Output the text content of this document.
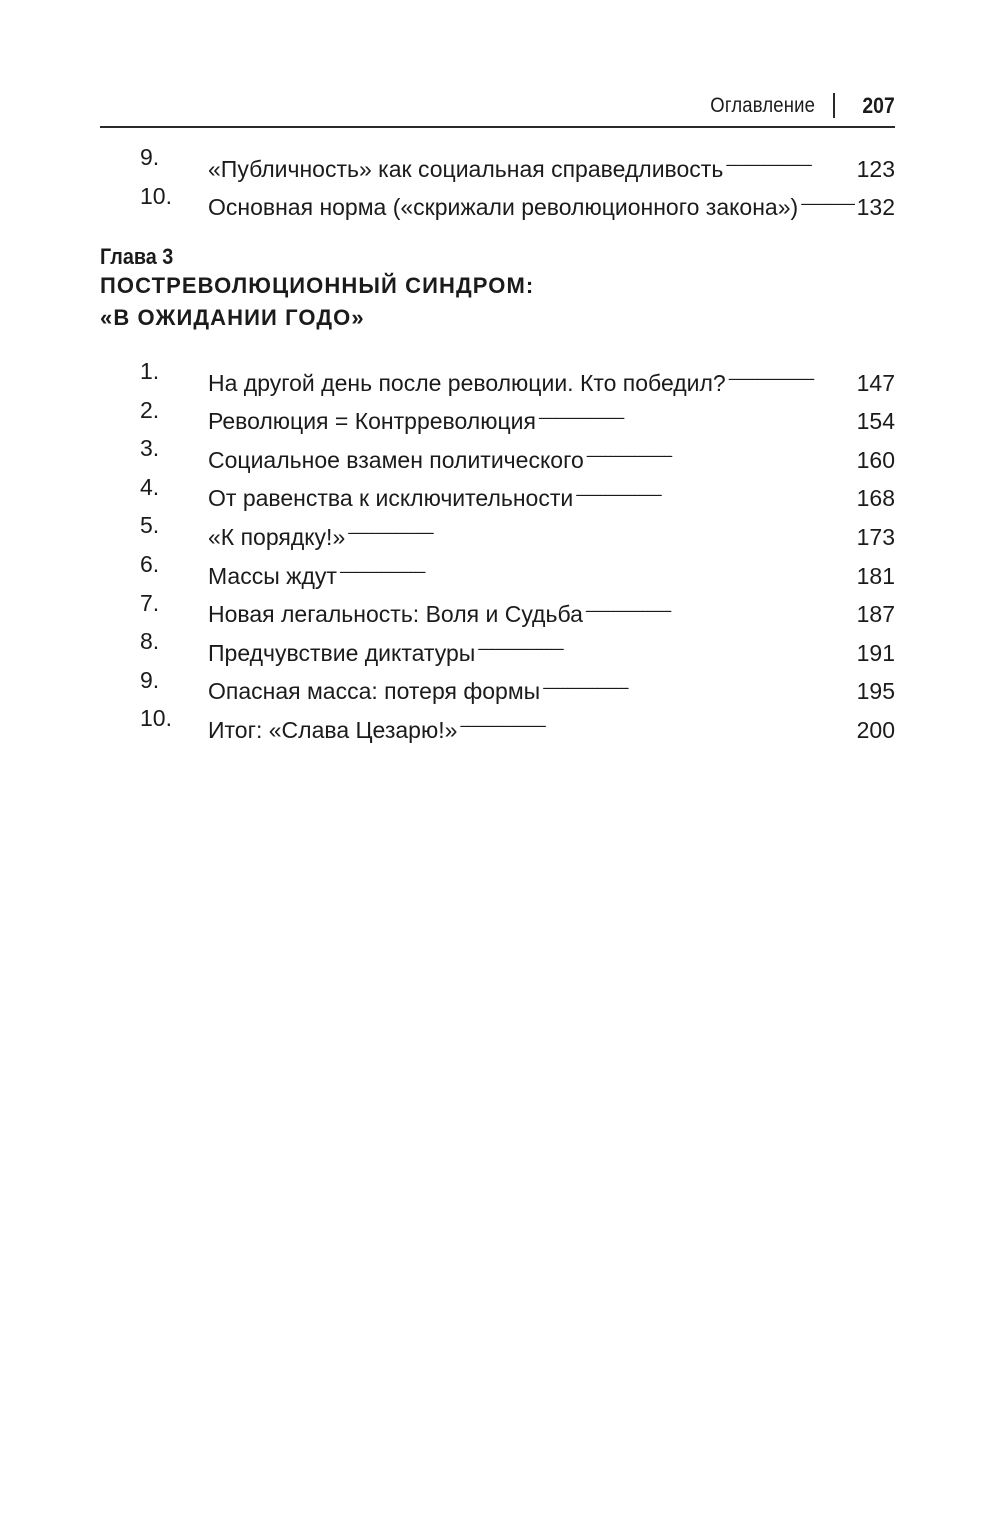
Оглавление 207
9.	«Публичность» как социальная справедливость . . .	123
10.	Основная норма («скрижали революционного закона») . . .	132
Глава 3
ПОСТРЕВОЛЮЦИОННЫЙ СИНДРОМ:
«В ОЖИДАНИИ ГОДО»
1.	На другой день после революции. Кто победил? . . .	147
2.	Революция = Контрреволюция . . .	154
3.	Социальное взамен политического . . .	160
4.	От равенства к исключительности . . .	168
5.	«К порядку!» . . .	173
6.	Массы ждут . . .	181
7.	Новая легальность: Воля и Судьба . . .	187
8.	Предчувствие диктатуры . . .	191
9.	Опасная масса: потеря формы . . .	195
10.	Итог: «Слава Цезарю!» . . .	200
